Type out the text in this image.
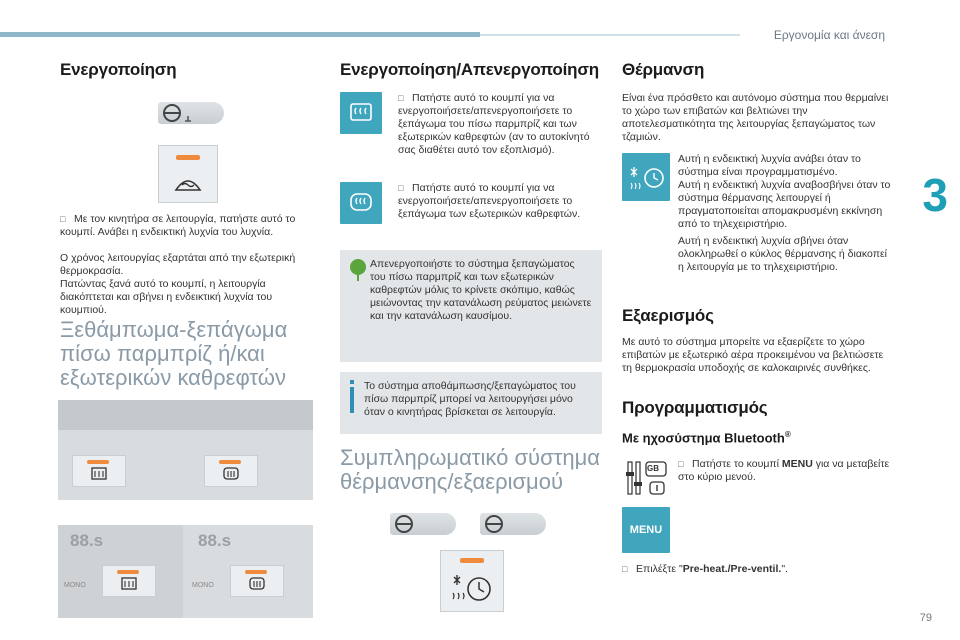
Εργονομία και άνεση
3
79
Ενεργοποίηση
□ Με τον κινητήρα σε λειτουργία, πατήστε αυτό το κουμπί. Ανάβει η ενδεικτική λυχνία του λυχνία.
Ο χρόνος λειτουργίας εξαρτάται από την εξωτερική θερμοκρασία.
Πατώντας ξανά αυτό το κουμπί, η λειτουργία διακόπτεται και σβήνει η ενδεικτική λυχνία του κουμπιού.
Ξεθάμπωμα-ξεπάγωμα πίσω παρμπρίζ ή/και εξωτερικών καθρεφτών
88.s	88.s
MONO	MONO
Ενεργοποίηση/Απενεργοποίηση
□ Πατήστε αυτό το κουμπί για να ενεργοποιήσετε/απενεργοποιήσετε το ξεπάγωμα του πίσω παρμπρίζ και των εξωτερικών καθρεφτών (αν το αυτοκίνητό σας διαθέτει αυτό τον εξοπλισμό).
□ Πατήστε αυτό το κουμπί για να ενεργοποιήσετε/απενεργοποιήσετε το ξεπάγωμα των εξωτερικών καθρεφτών.
Απενεργοποιήστε το σύστημα ξεπαγώματος του πίσω παρμπρίζ και των εξωτερικών καθρεφτών μόλις το κρίνετε σκόπιμο, καθώς μειώνοντας την κατανάλωση ρεύματος μειώνετε και την κατανάλωση καυσίμου.
Το σύστημα αποθάμπωσης/ξεπαγώματος του πίσω παρμπρίζ μπορεί να λειτουργήσει μόνο όταν ο κινητήρας βρίσκεται σε λειτουργία.
Συμπληρωματικό σύστημα θέρμανσης/εξαερισμού
Θέρμανση
Είναι ένα πρόσθετο και αυτόνομο σύστημα που θερμαίνει το χώρο των επιβατών και βελτιώνει την αποτελεσματικότητα της λειτουργίας ξεπαγώματος των τζαμιών.
Αυτή η ενδεικτική λυχνία ανάβει όταν το σύστημα είναι προγραμματισμένο.
Αυτή η ενδεικτική λυχνία αναβοσβήνει όταν το σύστημα θέρμανσης λειτουργεί ή πραγματοποιείται απομακρυσμένη εκκίνηση από το τηλεχειριστήριο.
Αυτή η ενδεικτική λυχνία σβήνει όταν ολοκληρωθεί ο κύκλος θέρμανσης ή διακοπεί η λειτουργία με το τηλεχειριστήριο.
Εξαερισμός
Με αυτό το σύστημα μπορείτε να εξαερίζετε το χώρο επιβατών με εξωτερικό αέρα προκειμένου να βελτιώσετε τη θερμοκρασία υποδοχής σε καλοκαιρινές συνθήκες.
Προγραμματισμός
Με ηχοσύστημα Bluetooth®
GB □ Πατήστε το κουμπί MENU για να μεταβείτε στο κύριο μενού.
MENU
□ Επιλέξτε "Pre-heat./Pre-ventil.".
